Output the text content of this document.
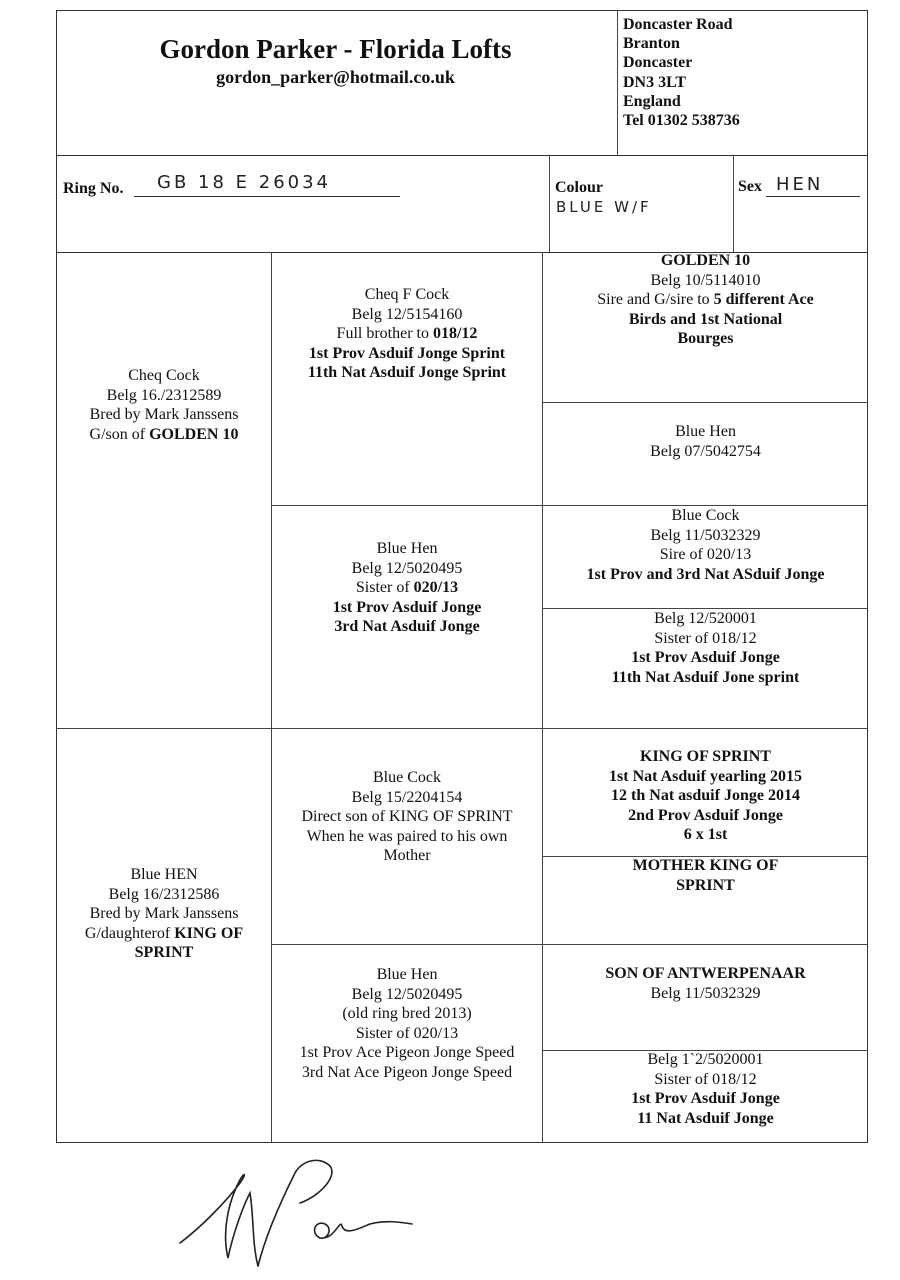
Gordon Parker - Florida Lofts
gordon_parker@hotmail.co.uk
Doncaster Road
Branton
Doncaster
DN3 3LT
England
Tel 01302 538736
Ring No. GB 18 E 26034	Colour
BLUE W/F
Sex HEN
Cheq Cock
Belg 16./2312589
Bred by Mark Janssens
G/son of GOLDEN 10
Cheq F Cock
Belg 12/5154160
Full brother to 018/12
1st Prov Asduif Jonge Sprint
11th Nat Asduif Jonge Sprint
Blue Hen
Belg 12/5020495
Sister of 020/13
1st Prov Asduif Jonge
3rd Nat Asduif Jonge
GOLDEN 10
Belg 10/5114010
Sire and G/sire to 5 different Ace
Birds and 1st National
Bourges
Blue Hen
Belg 07/5042754
Blue Cock
Belg 11/5032329
Sire of 020/13
1st Prov and 3rd Nat ASduif Jonge
Belg 12/520001
Sister of 018/12
1st Prov Asduif Jonge
11th Nat Asduif Jone sprint
Blue HEN
Belg 16/2312586
Bred by Mark Janssens
G/daughterof KING OF
SPRINT
Blue Cock
Belg 15/2204154
Direct son of KING OF SPRINT
When he was paired to his own
Mother
Blue Hen
Belg 12/5020495
(old ring bred 2013)
Sister of 020/13
1st Prov Ace Pigeon Jonge Speed
3rd Nat Ace Pigeon Jonge Speed
KING OF SPRINT
1st Nat Asduif yearling 2015
12 th Nat asduif Jonge 2014
2nd Prov Asduif Jonge
6 x 1st
MOTHER KING OF
SPRINT
SON OF ANTWERPENAAR
Belg 11/5032329
Belg 1`2/5020001
Sister of 018/12
1st Prov Asduif Jonge
11 Nat Asduif Jonge
